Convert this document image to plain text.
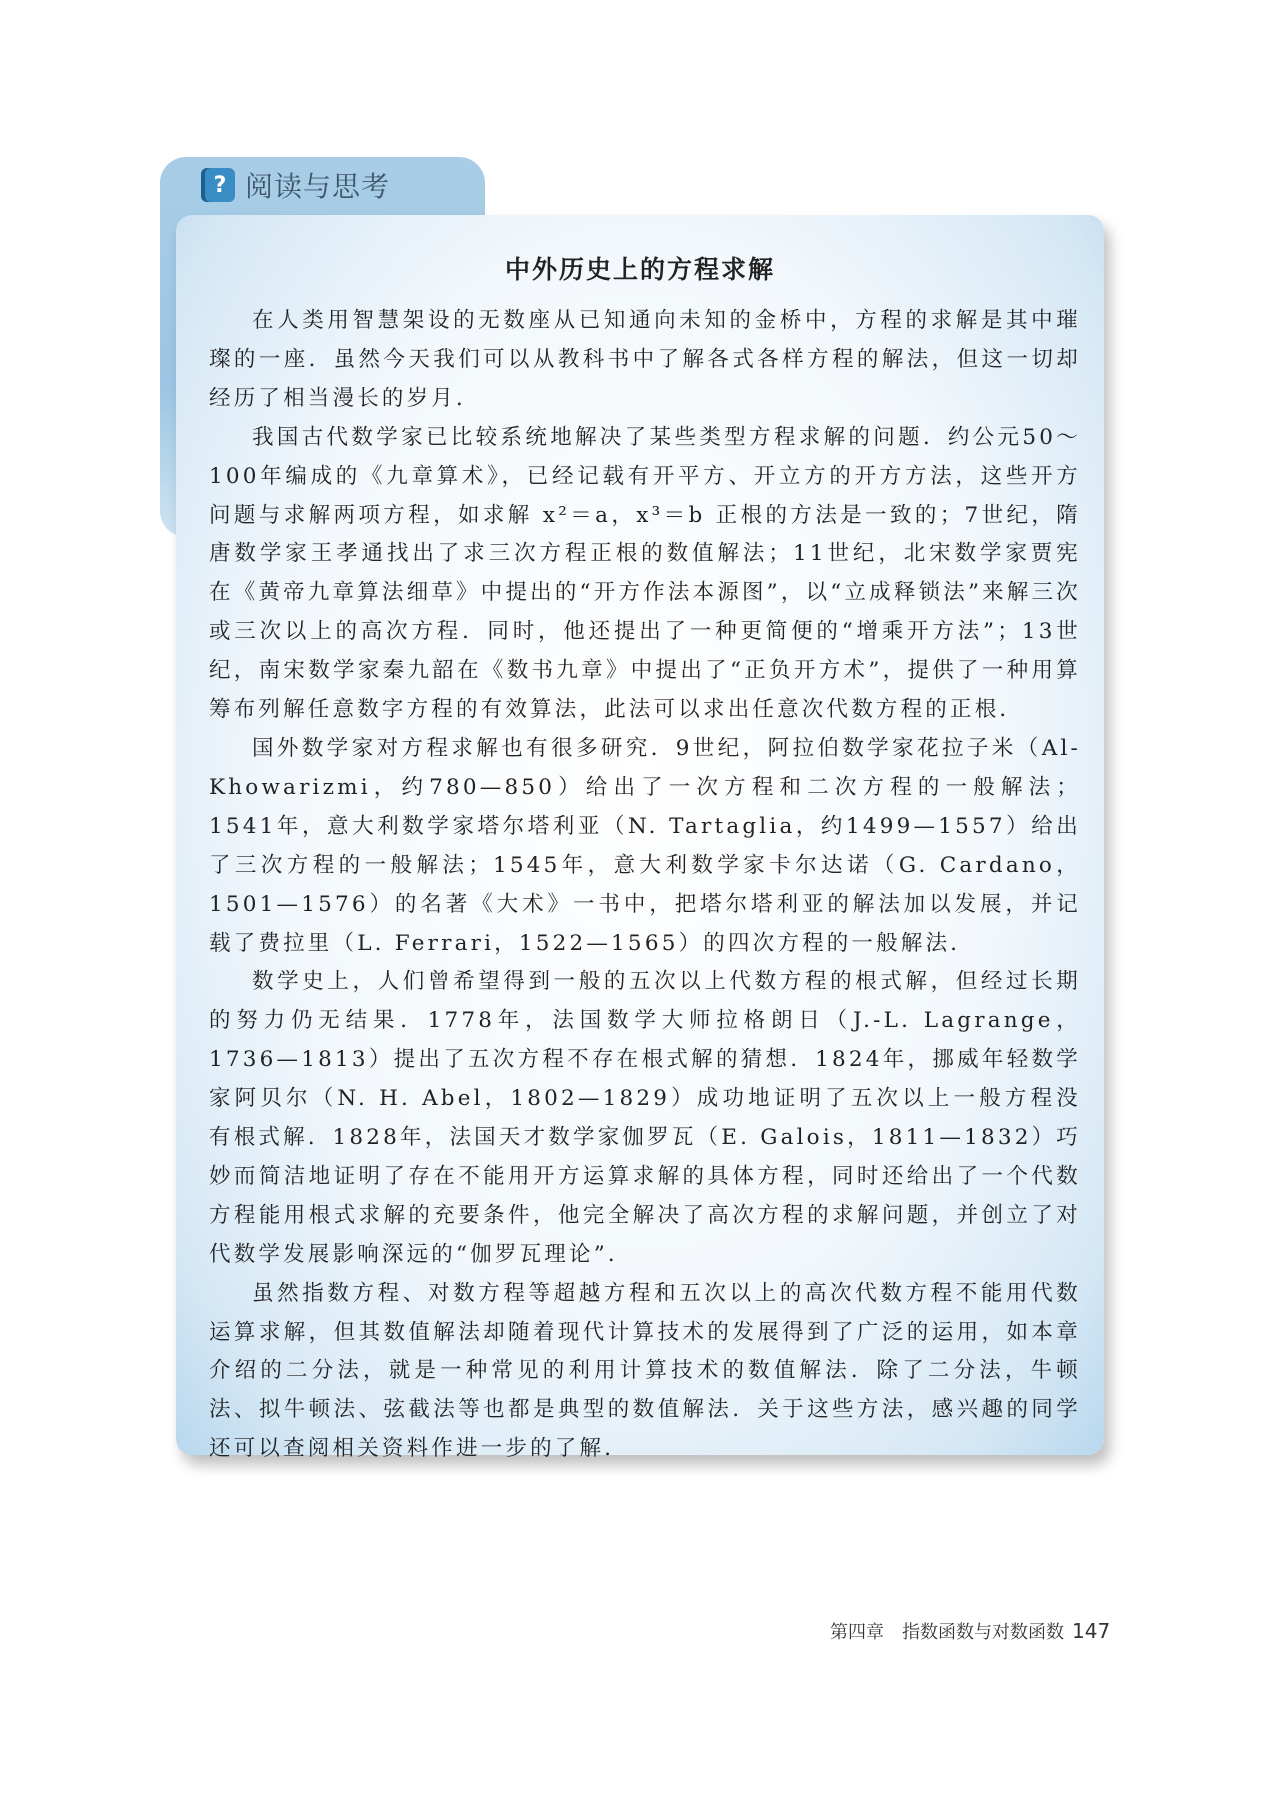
? 阅读与思考
中外历史上的方程求解

在人类用智慧架设的无数座从已知通向未知的金桥中，方程的求解是其中璀璨的一座．虽然今天我们可以从教科书中了解各式各样方程的解法，但这一切却经历了相当漫长的岁月．

我国古代数学家已比较系统地解决了某些类型方程求解的问题．约公元50～100年编成的《九章算术》，已经记载有开平方、开立方的开方方法，这些开方问题与求解两项方程，如求解 x²＝a，x³＝b 正根的方法是一致的；7世纪，隋唐数学家王孝通找出了求三次方程正根的数值解法；11世纪，北宋数学家贾宪在《黄帝九章算法细草》中提出的“开方作法本源图”，以“立成释锁法”来解三次或三次以上的高次方程．同时，他还提出了一种更简便的“增乘开方法”；13世纪，南宋数学家秦九韶在《数书九章》中提出了“正负开方术”，提供了一种用算筹布列解任意数字方程的有效算法，此法可以求出任意次代数方程的正根．

国外数学家对方程求解也有很多研究．9世纪，阿拉伯数学家花拉子米（Al-Khowarizmi，约780—850）给出了一次方程和二次方程的一般解法；1541年，意大利数学家塔尔塔利亚（N. Tartaglia，约1499—1557）给出了三次方程的一般解法；1545年，意大利数学家卡尔达诺（G. Cardano，1501—1576）的名著《大术》一书中，把塔尔塔利亚的解法加以发展，并记载了费拉里（L. Ferrari，1522—1565）的四次方程的一般解法．

数学史上，人们曾希望得到一般的五次以上代数方程的根式解，但经过长期的努力仍无结果．1778年，法国数学大师拉格朗日（J.-L. Lagrange，1736—1813）提出了五次方程不存在根式解的猜想．1824年，挪威年轻数学家阿贝尔（N. H. Abel，1802—1829）成功地证明了五次以上一般方程没有根式解．1828年，法国天才数学家伽罗瓦（E. Galois，1811—1832）巧妙而简洁地证明了存在不能用开方运算求解的具体方程，同时还给出了一个代数方程能用根式求解的充要条件，他完全解决了高次方程的求解问题，并创立了对代数学发展影响深远的“伽罗瓦理论”．

虽然指数方程、对数方程等超越方程和五次以上的高次代数方程不能用代数运算求解，但其数值解法却随着现代计算技术的发展得到了广泛的运用，如本章介绍的二分法，就是一种常见的利用计算技术的数值解法．除了二分法，牛顿法、拟牛顿法、弦截法等也都是典型的数值解法．关于这些方法，感兴趣的同学还可以查阅相关资料作进一步的了解．

第四章　指数函数与对数函数 147
